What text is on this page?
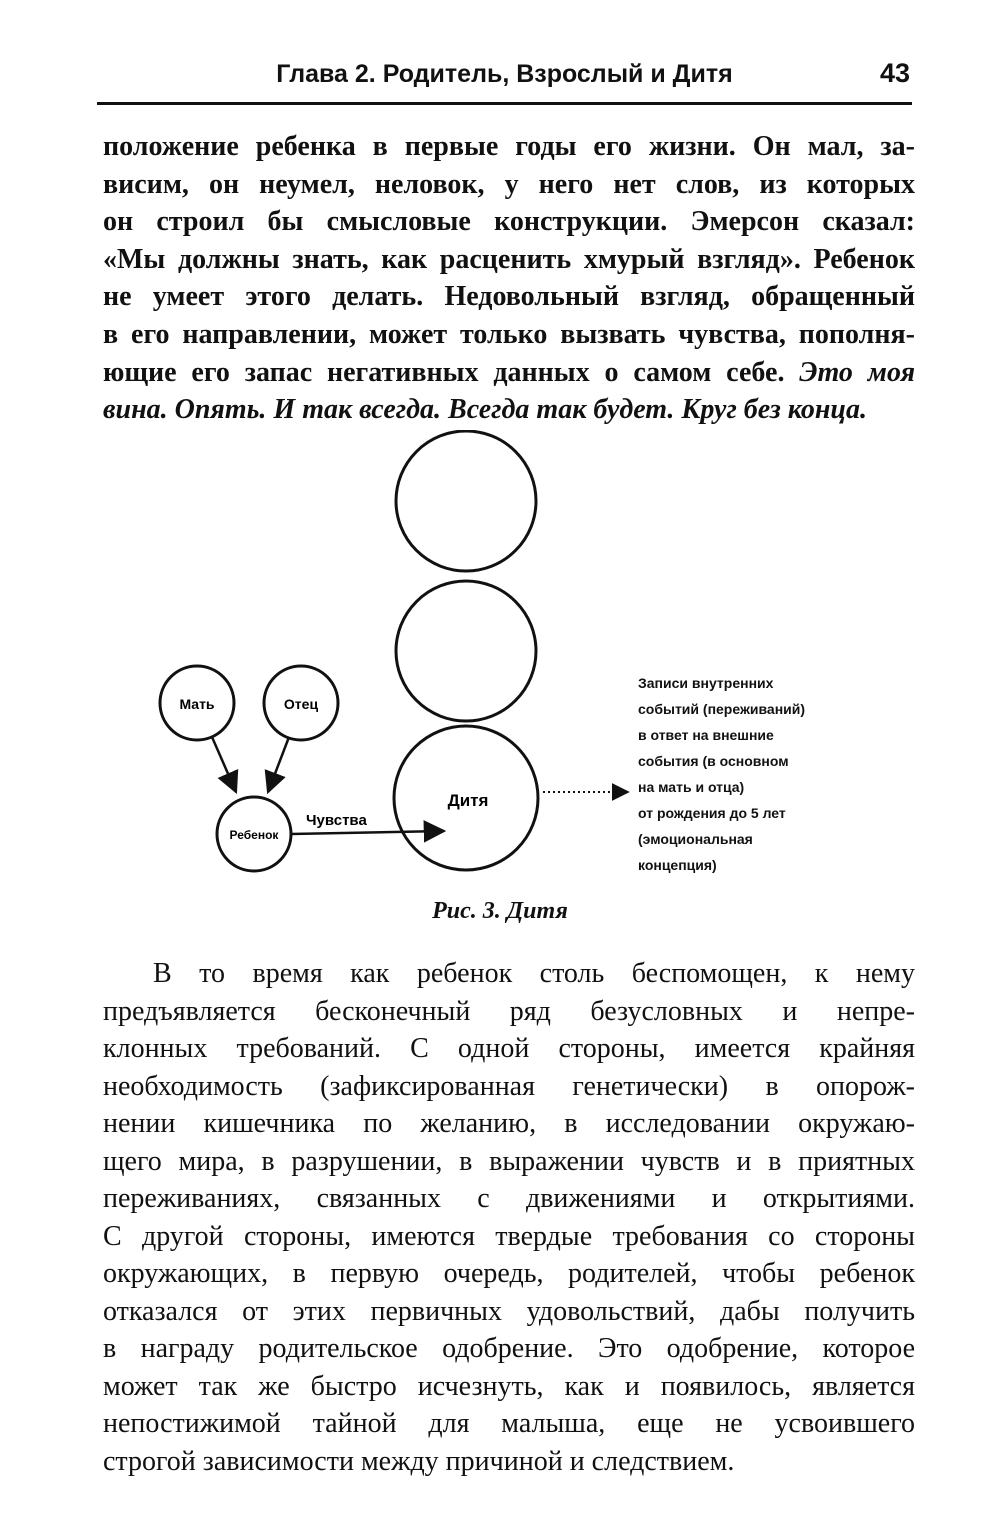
Глава 2. Родитель, Взрослый и Дитя	43
положение ребенка в первые годы его жизни. Он мал, за-
висим, он неумел, неловок, у него нет слов, из которых
он строил бы смысловые конструкции. Эмерсон сказал:
«Мы должны знать, как расценить хмурый взгляд». Ребенок
не умеет этого делать. Недовольный взгляд, обращенный
в его направлении, может только вызвать чувства, пополня-
ющие его запас негативных данных о самом себе. Это моя
вина. Опять. И так всегда. Всегда так будет. Круг без конца.
Дитя
Мать	Отец
Ребенок
Чувства
Записи внутренних
событий (переживаний)
в ответ на внешние
события (в основном
на мать и отца)
от рождения до 5 лет
(эмоциональная
концепция)
Рис. 3. Дитя
В то время как ребенок столь беспомощен, к нему
предъявляется бесконечный ряд безусловных и непре-
клонных требований. С одной стороны, имеется крайняя
необходимость (зафиксированная генетически) в опорож-
нении кишечника по желанию, в исследовании окружаю-
щего мира, в разрушении, в выражении чувств и в приятных
переживаниях, связанных с движениями и открытиями.
С другой стороны, имеются твердые требования со стороны
окружающих, в первую очередь, родителей, чтобы ребенок
отказался от этих первичных удовольствий, дабы получить
в награду родительское одобрение. Это одобрение, которое
может так же быстро исчезнуть, как и появилось, является
непостижимой тайной для малыша, еще не усвоившего
строгой зависимости между причиной и следствием.
